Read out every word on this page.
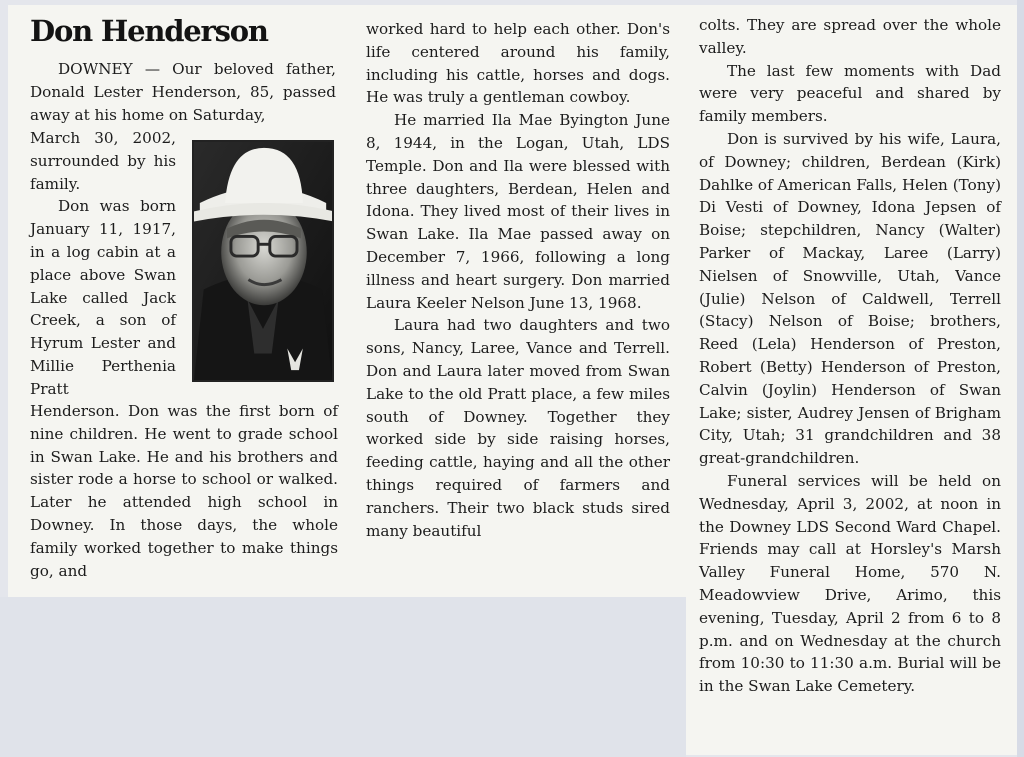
Don Henderson

DOWNEY — Our beloved father, Donald Lester Henderson, 85, passed away at his home on Saturday,

March 30, 2002, surrounded by his family.

Don was born January 11, 1917, in a log cabin at a place above Swan Lake called Jack Creek, a son of Hyrum Lester and Millie Perthenia Pratt

Henderson. Don was the first born of nine children. He went to grade school in Swan Lake. He and his brothers and sister rode a horse to school or walked. Later he attended high school in Downey. In those days, the whole family worked together to make things go, and

worked hard to help each other. Don's life centered around his family, including his cattle, horses and dogs. He was truly a gentleman cowboy.

He married Ila Mae Byington June 8, 1944, in the Logan, Utah, LDS Temple. Don and Ila were blessed with three daughters, Berdean, Helen and Idona. They lived most of their lives in Swan Lake. Ila Mae passed away on December 7, 1966, following a long illness and heart surgery. Don married Laura Keeler Nelson June 13, 1968.

Laura had two daughters and two sons, Nancy, Laree, Vance and Terrell. Don and Laura later moved from Swan Lake to the old Pratt place, a few miles south of Downey. Together they worked side by side raising horses, feeding cattle, haying and all the other things required of farmers and ranchers. Their two black studs sired many beautiful

colts. They are spread over the whole valley.

The last few moments with Dad were very peaceful and shared by family members.

Don is survived by his wife, Laura, of Downey; children, Berdean (Kirk) Dahlke of American Falls, Helen (Tony) Di Vesti of Downey, Idona Jepsen of Boise; stepchildren, Nancy (Walter) Parker of Mackay, Laree (Larry) Nielsen of Snowville, Utah, Vance (Julie) Nelson of Caldwell, Terrell (Stacy) Nelson of Boise; brothers, Reed (Lela) Henderson of Preston, Robert (Betty) Henderson of Preston, Calvin (Joylin) Henderson of Swan Lake; sister, Audrey Jensen of Brigham City, Utah; 31 grandchildren and 38 great-grandchildren.

Funeral services will be held on Wednesday, April 3, 2002, at noon in the Downey LDS Second Ward Chapel. Friends may call at Horsley's Marsh Valley Funeral Home, 570 N. Meadowview Drive, Arimo, this evening, Tuesday, April 2 from 6 to 8 p.m. and on Wednesday at the church from 10:30 to 11:30 a.m. Burial will be in the Swan Lake Cemetery.
